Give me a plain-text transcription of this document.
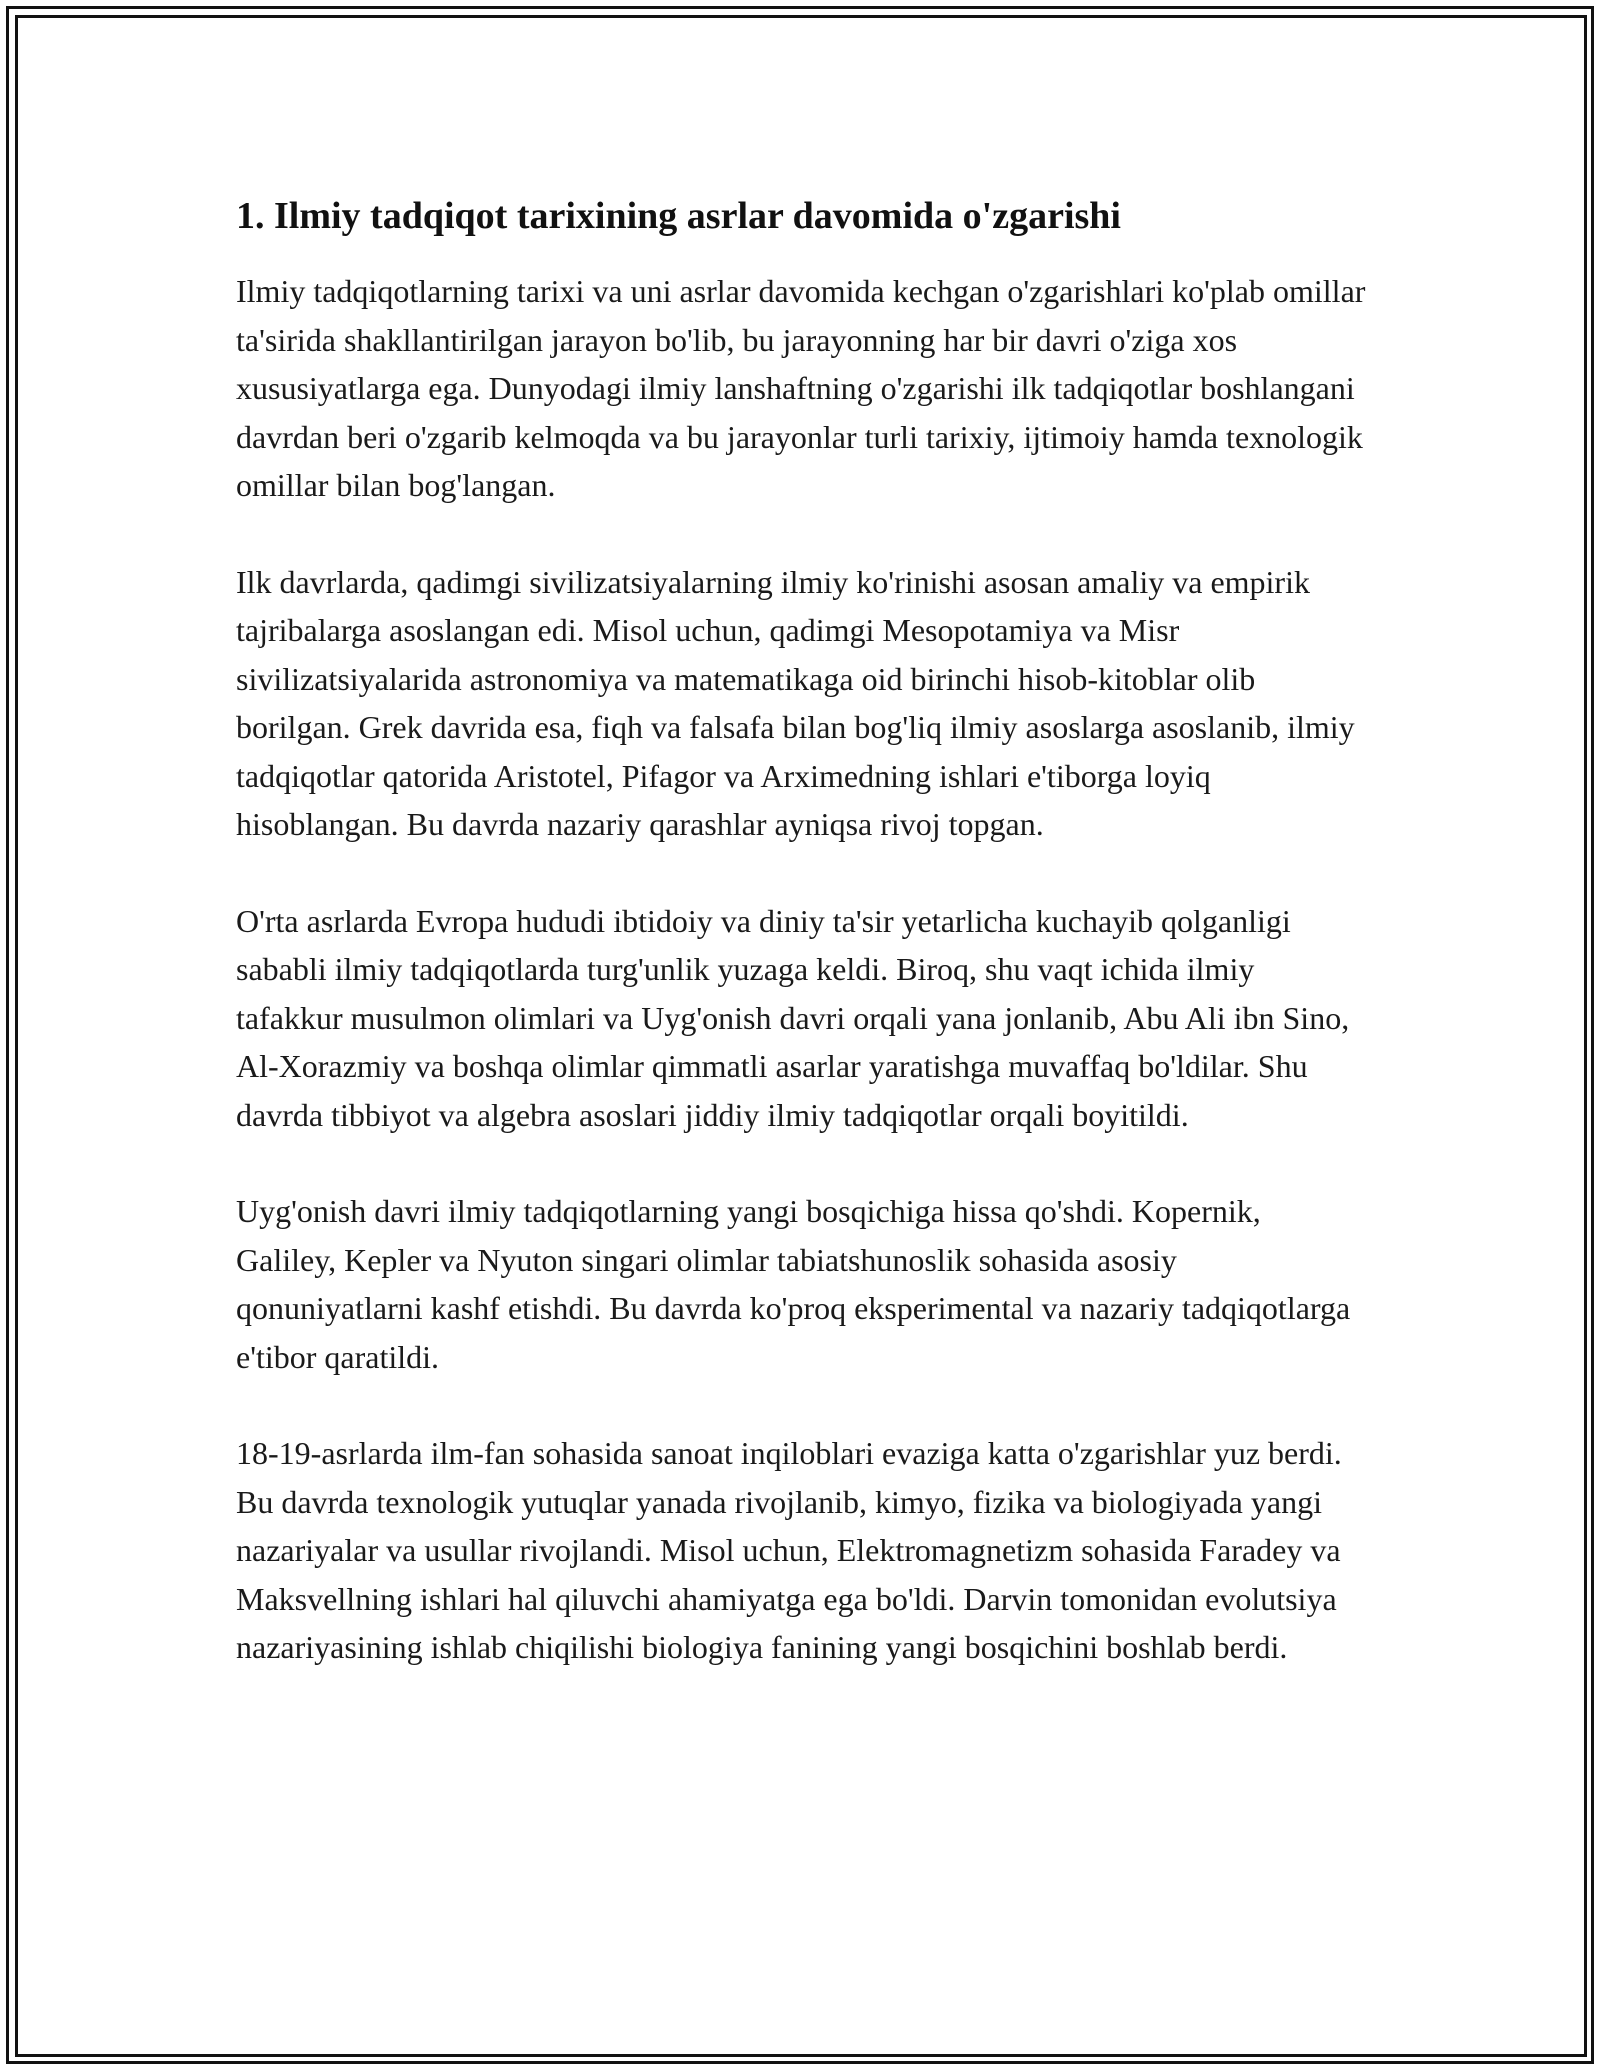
1. Ilmiy tadqiqot tarixining asrlar davomida o'zgarishi

Ilmiy tadqiqotlarning tarixi va uni asrlar davomida kechgan o'zgarishlari ko'plab omillar ta'sirida shakllantirilgan jarayon bo'lib, bu jarayonning har bir davri o'ziga xos xususiyatlarga ega. Dunyodagi ilmiy lanshaftning o'zgarishi ilk tadqiqotlar boshlangani davrdan beri o'zgarib kelmoqda va bu jarayonlar turli tarixiy, ijtimoiy hamda texnologik omillar bilan bog'langan.

Ilk davrlarda, qadimgi sivilizatsiyalarning ilmiy ko'rinishi asosan amaliy va empirik tajribalarga asoslangan edi. Misol uchun, qadimgi Mesopotamiya va Misr sivilizatsiyalarida astronomiya va matematikaga oid birinchi hisob-kitoblar olib borilgan. Grek davrida esa, fiqh va falsafa bilan bog'liq ilmiy asoslarga asoslanib, ilmiy tadqiqotlar qatorida Aristotel, Pifagor va Arximedning ishlari e'tiborga loyiq hisoblangan. Bu davrda nazariy qarashlar ayniqsa rivoj topgan.

O'rta asrlarda Evropa hududi ibtidoiy va diniy ta'sir yetarlicha kuchayib qolganligi sababli ilmiy tadqiqotlarda turg'unlik yuzaga keldi. Biroq, shu vaqt ichida ilmiy tafakkur musulmon olimlari va Uyg'onish davri orqali yana jonlanib, Abu Ali ibn Sino, Al-Xorazmiy va boshqa olimlar qimmatli asarlar yaratishga muvaffaq bo'ldilar. Shu davrda tibbiyot va algebra asoslari jiddiy ilmiy tadqiqotlar orqali boyitildi.

Uyg'onish davri ilmiy tadqiqotlarning yangi bosqichiga hissa qo'shdi. Kopernik, Galiley, Kepler va Nyuton singari olimlar tabiatshunoslik sohasida asosiy qonuniyatlarni kashf etishdi. Bu davrda ko'proq eksperimental va nazariy tadqiqotlarga e'tibor qaratildi.

18-19-asrlarda ilm-fan sohasida sanoat inqiloblari evaziga katta o'zgarishlar yuz berdi. Bu davrda texnologik yutuqlar yanada rivojlanib, kimyo, fizika va biologiyada yangi nazariyalar va usullar rivojlandi. Misol uchun, Elektromagnetizm sohasida Faradey va Maksvellning ishlari hal qiluvchi ahamiyatga ega bo'ldi. Darvin tomonidan evolutsiya nazariyasining ishlab chiqilishi biologiya fanining yangi bosqichini boshlab berdi.
